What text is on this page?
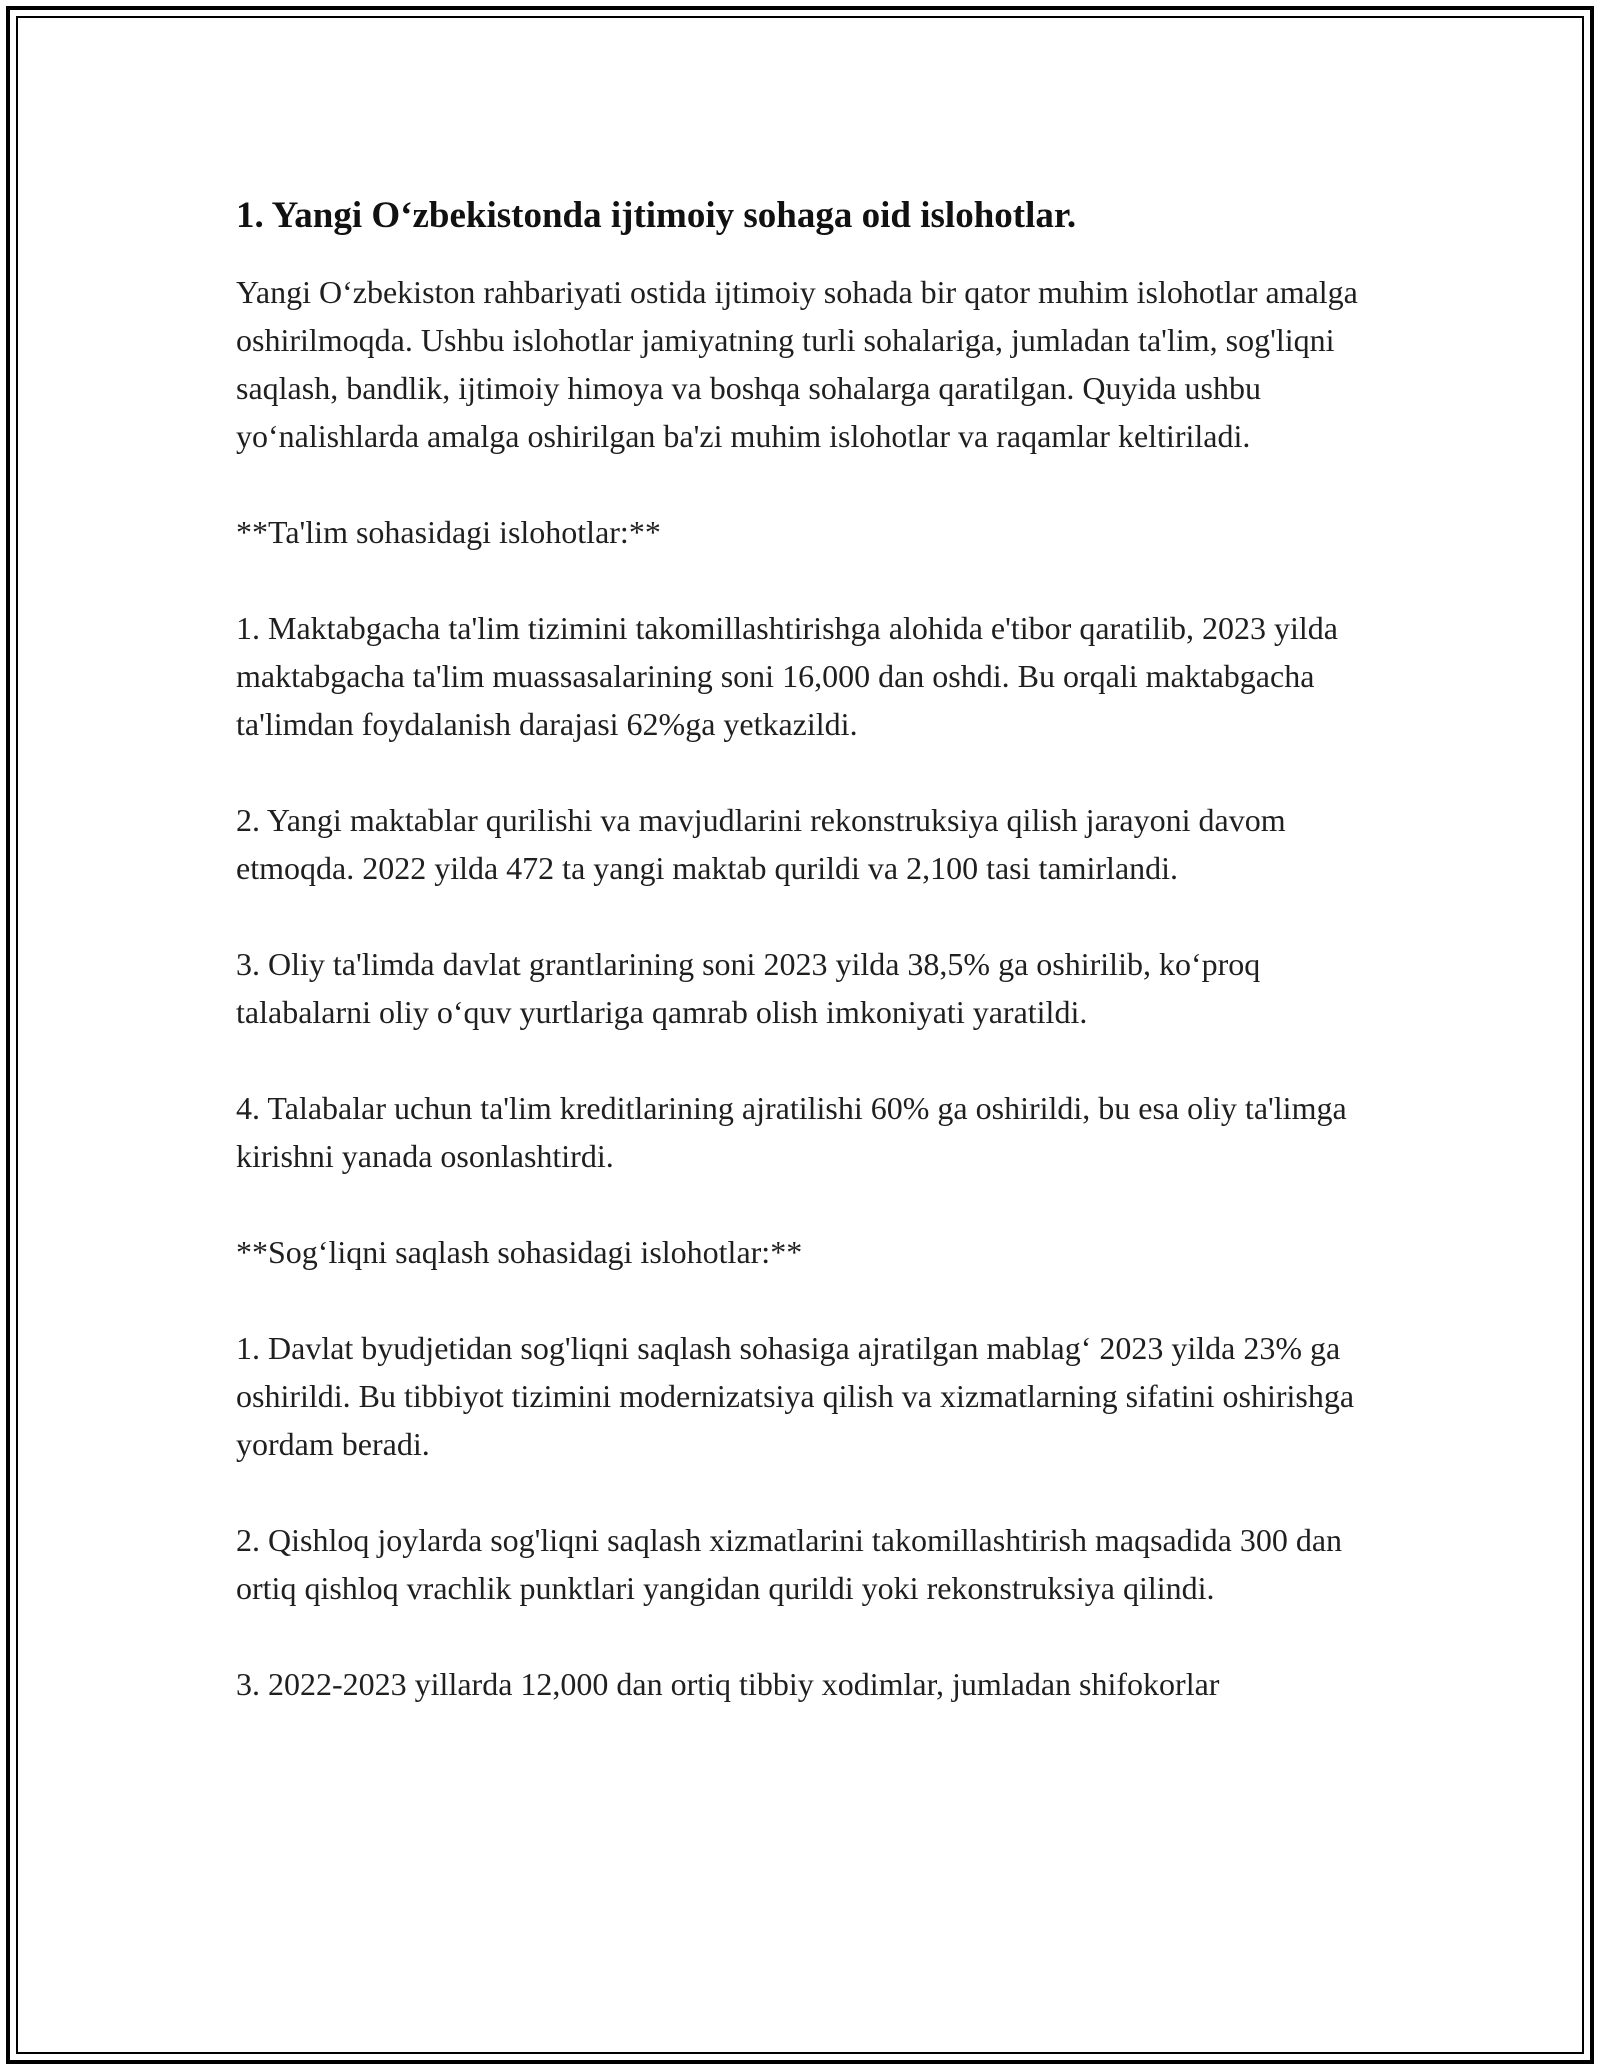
1. Yangi O‘zbekistonda ijtimoiy sohaga oid islohotlar.

Yangi O‘zbekiston rahbariyati ostida ijtimoiy sohada bir qator muhim islohotlar amalga oshirilmoqda. Ushbu islohotlar jamiyatning turli sohalariga, jumladan ta'lim, sog'liqni saqlash, bandlik, ijtimoiy himoya va boshqa sohalarga qaratilgan. Quyida ushbu yo‘nalishlarda amalga oshirilgan ba'zi muhim islohotlar va raqamlar keltiriladi.

**Ta'lim sohasidagi islohotlar:**

1. Maktabgacha ta'lim tizimini takomillashtirishga alohida e'tibor qaratilib, 2023 yilda maktabgacha ta'lim muassasalarining soni 16,000 dan oshdi. Bu orqali maktabgacha ta'limdan foydalanish darajasi 62%ga yetkazildi.

2. Yangi maktablar qurilishi va mavjudlarini rekonstruksiya qilish jarayoni davom etmoqda. 2022 yilda 472 ta yangi maktab qurildi va 2,100 tasi tamirlandi.

3. Oliy ta'limda davlat grantlarining soni 2023 yilda 38,5% ga oshirilib, ko‘proq talabalarni oliy o‘quv yurtlariga qamrab olish imkoniyati yaratildi.

4. Talabalar uchun ta'lim kreditlarining ajratilishi 60% ga oshirildi, bu esa oliy ta'limga kirishni yanada osonlashtirdi.

**Sog‘liqni saqlash sohasidagi islohotlar:**

1. Davlat byudjetidan sog'liqni saqlash sohasiga ajratilgan mablag‘ 2023 yilda 23% ga oshirildi. Bu tibbiyot tizimini modernizatsiya qilish va xizmatlarning sifatini oshirishga yordam beradi.

2. Qishloq joylarda sog'liqni saqlash xizmatlarini takomillashtirish maqsadida 300 dan ortiq qishloq vrachlik punktlari yangidan qurildi yoki rekonstruksiya qilindi.

3. 2022-2023 yillarda 12,000 dan ortiq tibbiy xodimlar, jumladan shifokorlar
